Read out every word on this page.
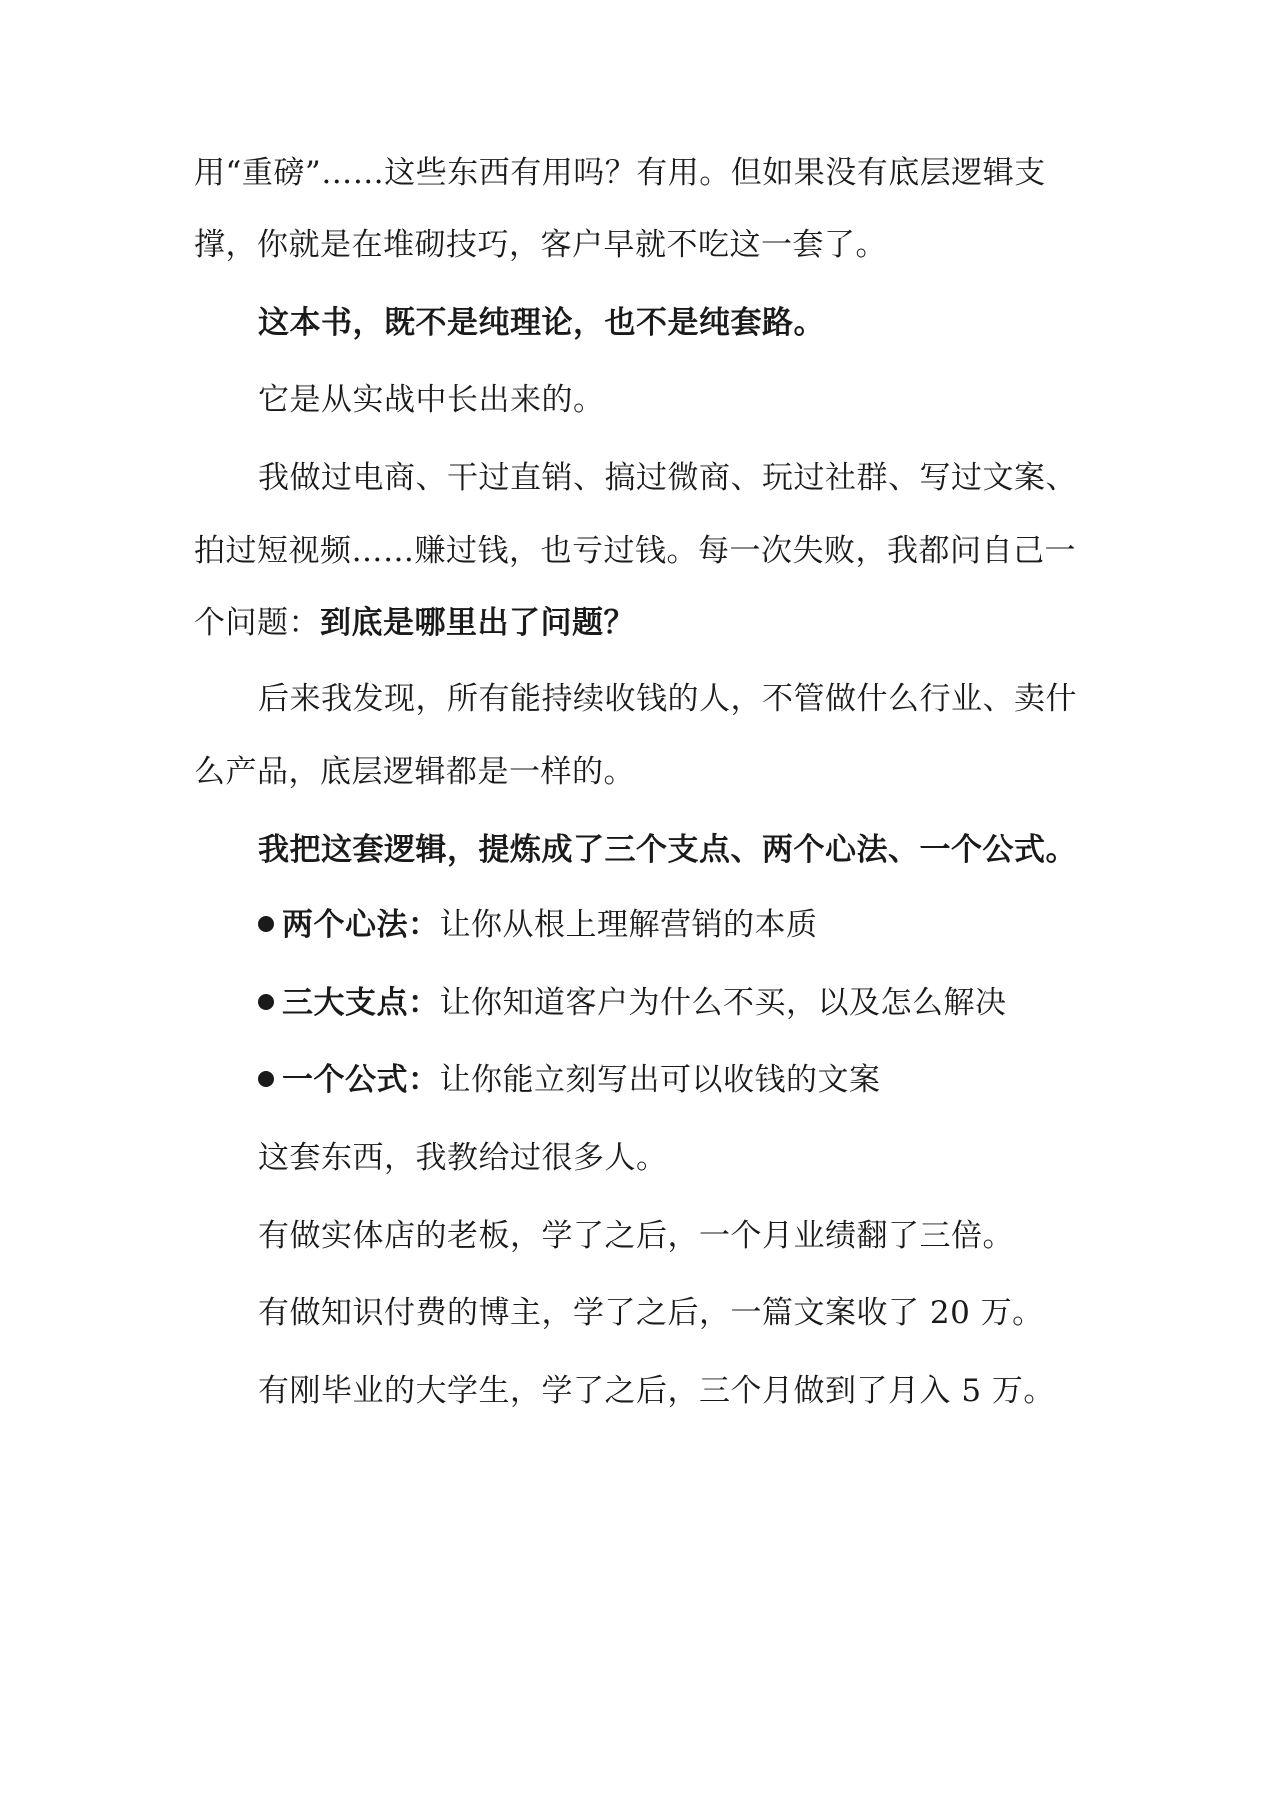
用“重磅”……这些东西有用吗？有用。但如果没有底层逻辑支
撑，你就是在堆砌技巧，客户早就不吃这一套了。
这本书，既不是纯理论，也不是纯套路。
它是从实战中长出来的。
我做过电商、干过直销、搞过微商、玩过社群、写过文案、
拍过短视频……赚过钱，也亏过钱。每一次失败，我都问自己一
个问题：到底是哪里出了问题？
后来我发现，所有能持续收钱的人，不管做什么行业、卖什
么产品，底层逻辑都是一样的。
我把这套逻辑，提炼成了三个支点、两个心法、一个公式。
两个心法：让你从根上理解营销的本质
三大支点：让你知道客户为什么不买，以及怎么解决
一个公式：让你能立刻写出可以收钱的文案
这套东西，我教给过很多人。
有做实体店的老板，学了之后，一个月业绩翻了三倍。
有做知识付费的博主，学了之后，一篇文案收了 20 万。
有刚毕业的大学生，学了之后，三个月做到了月入 5 万。
